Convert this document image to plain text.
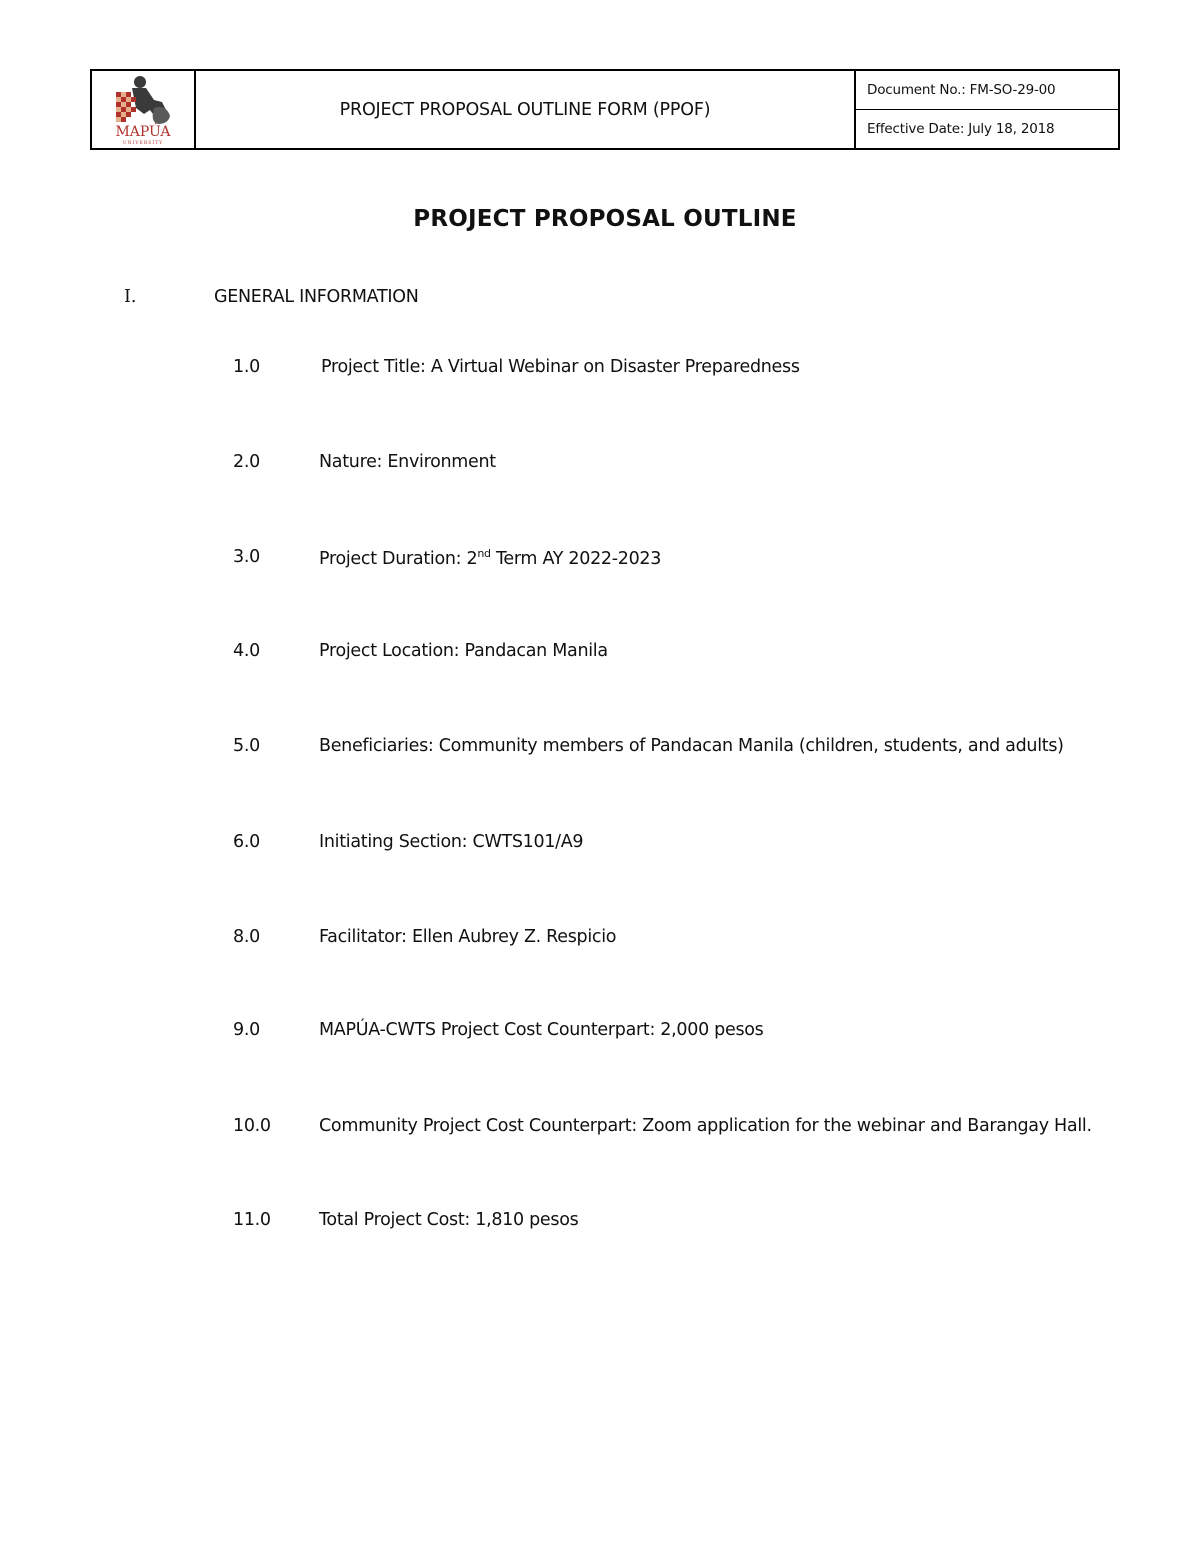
MAPÚA
UNIVERSITY
PROJECT PROPOSAL OUTLINE FORM (PPOF)
Document No.: FM-SO-29-00
Effective Date: July 18, 2018
PROJECT PROPOSAL OUTLINE
I.	GENERAL INFORMATION
1.0	Project Title: A Virtual Webinar on Disaster Preparedness
2.0	Nature: Environment
3.0	Project Duration: 2nd Term AY 2022-2023
4.0	Project Location: Pandacan Manila
5.0	Beneficiaries: Community members of Pandacan Manila (children, students, and adults)
6.0	Initiating Section: CWTS101/A9
8.0	Facilitator: Ellen Aubrey Z. Respicio
9.0	MAPÚA-CWTS Project Cost Counterpart: 2,000 pesos
10.0	Community Project Cost Counterpart: Zoom application for the webinar and Barangay Hall.
11.0	Total Project Cost: 1,810 pesos
